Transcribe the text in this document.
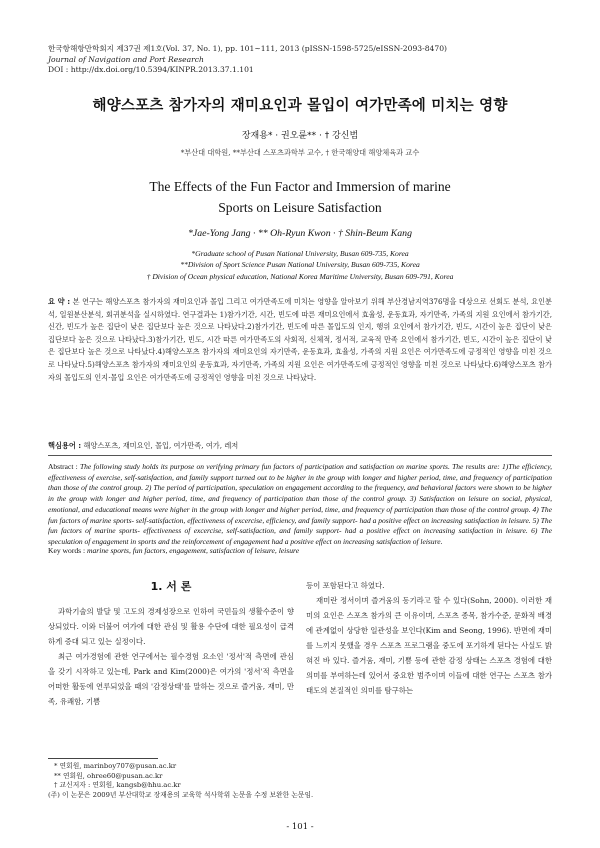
한국항해항만학회지 제37권 제1호(Vol. 37, No. 1), pp. 101~111, 2013 (pISSN-1598-5725/eISSN-2093-8470)
Journal of Navigation and Port Research
DOI : http://dx.doi.org/10.5394/KINPR.2013.37.1.101
해양스포츠 참가자의 재미요인과 몰입이 여가만족에 미치는 영향
장재용* · 권오륜** · † 강신범
*부산대 대학원, **부산대 스포츠과학부 교수, † 한국해양대 해양체육과 교수
The Effects of the Fun Factor and Immersion of marine
Sports on Leisure Satisfaction
*Jae-Yong Jang · ** Oh-Ryun Kwon · † Shin-Beum Kang
*Graduate school of Pusan National University, Busan 609-735, Korea
**Division of Sport Science Pusan National University, Busan 609-735, Korea
† Division of Ocean physical education, National Korea Maritime University, Busan 609-791, Korea
요 약 : 본 연구는 해양스포츠 참가자의 재미요인과 몰입 그리고 여가만족도에 미치는 영향을 알아보기 위해 부산경남지역376명을 대상으로 선회도 분석, 요인분석, 일원분산분석, 회귀분석을 실시하였다. 연구결과는 1)참가기간, 시간, 빈도에 따른 재미요인에서 효율성, 운동효과, 자기만족, 가족의 지원 요인에서 참가기간, 신간, 빈도가 높은 집단이 낮은 집단보다 높은 것으로 나타났다.2)참가기간, 빈도에 따른 몰입도의 인지, 행위 요인에서 참가기간, 빈도, 시간이 높은 집단이 낮은 집단보다 높은 것으로 나타났다.3)참가기간, 빈도, 시간 따른 여가만족도의 사회적, 신체적, 정서적, 교육적 만족 요인에서 참가기간, 빈도, 시간이 높은 집단이 낮은 집단보다 높은 것으로 나타났다.4)해양스포츠 참가자의 재미요인의 자기만족, 운동효과, 효율성, 가족의 지원 요인은 여가만족도에 긍정적인 영향을 미친 것으로 나타났다.5)해양스포츠 참가자의 재미요인의 운동효과, 자기만족, 가족의 지원 요인은 여가만족도에 긍정적인 영향을 미친 것으로 나타났다.6)해양스포츠 참가자의 몰입도의 인지·몰입 요인은 여가만족도에 긍정적인 영향을 미친 것으로 나타났다.
핵심용어 : 해양스포츠, 재미요인, 몰입, 여가만족, 여가, 레저
Abstract : The following study holds its purpose on verifying primary fun factors of participation and satisfaction on marine sports. The results are: 1)The efficiency, effectiveness of exercise, self-satisfaction, and family support turned out to be higher in the group with longer and higher period, time, and frequency of participation than those of the control group. 2) The period of participation, speculation on engagement according to the frequency, and behavioral factors were shown to be higher in the group with longer and higher period, time, and frequency of participation than those of the control group. 3) Satisfaction on leisure on social, physical, emotional, and educational means were higher in the group with longer and higher period, time, and frequency of participation than those of the control group. 4) The fun factors of marine sports- self-satisfaction, effectiveness of excercise, efficiency, and family support- had a positive effect on increasing satisfaction in leisure. 5) The fun factors of marine sports- effectiveness of excercise, self-satisfaction, and family support- had a positive effect on increasing satisfaction in leisure. 6) The speculation of engagement in sports and the reinforcement of engagement had a positive effect on increasing satisfaction of leisure.
Key words : marine sports, fun factors, engagement, satisfaction of leisure, leisure
1. 서 론

과학기술의 발달 및 고도의 경제성장으로 인하여 국민들의 생활수준이 향상되었다. 이와 더불어 여가에 대한 관심 및 활용 수단에 대한 필요성이 급격하게 증대 되고 있는 실정이다.

최근 여가경험에 관한 연구에서는 필수경험 요소인 '정서'적 측면에 관심을 갖기 시작하고 있는데, Park and Kim(2000)은 여가의 '정서'적 측면을 어떠한 활동에 연루되었을 때의 '감정상태'를 말하는 것으로 즐거움, 재미, 만족, 유쾌함, 기쁨

등이 포함된다고 하였다.

재미란 정서이며 즐거움의 동기라고 할 수 있다(Sohn, 2000). 이러한 재미의 요인은 스포츠 참가의 큰 이유이며, 스포츠 종목, 참가수준, 문화적 배경에 관계없이 상당한 일관성을 보인다(Kim and Seong, 1996). 반면에 재미를 느끼지 못했을 경우 스포츠 프로그램을 중도에 포기하게 된다는 사실도 밝혀진 바 있다. 즐거움, 재미, 기쁨 등에 관한 감정 상태는 스포츠 경험에 대한 의미를 부여하는데 있어서 중요한 범주이며 이들에 대한 연구는 스포츠 참가태도의 본질적인 의미를 탐구하는

* 연회원, marinboy707@pusan.ac.kr
** 연회원, ohree60@pusan.ac.kr
† 교신저자 : 연회원, kangsb@hhu.ac.kr
(주) 이 논문은 2009년 부산대학교 장재용의 교육학 석사학위 논문을 수정 보완한 논문임.
- 101 -
